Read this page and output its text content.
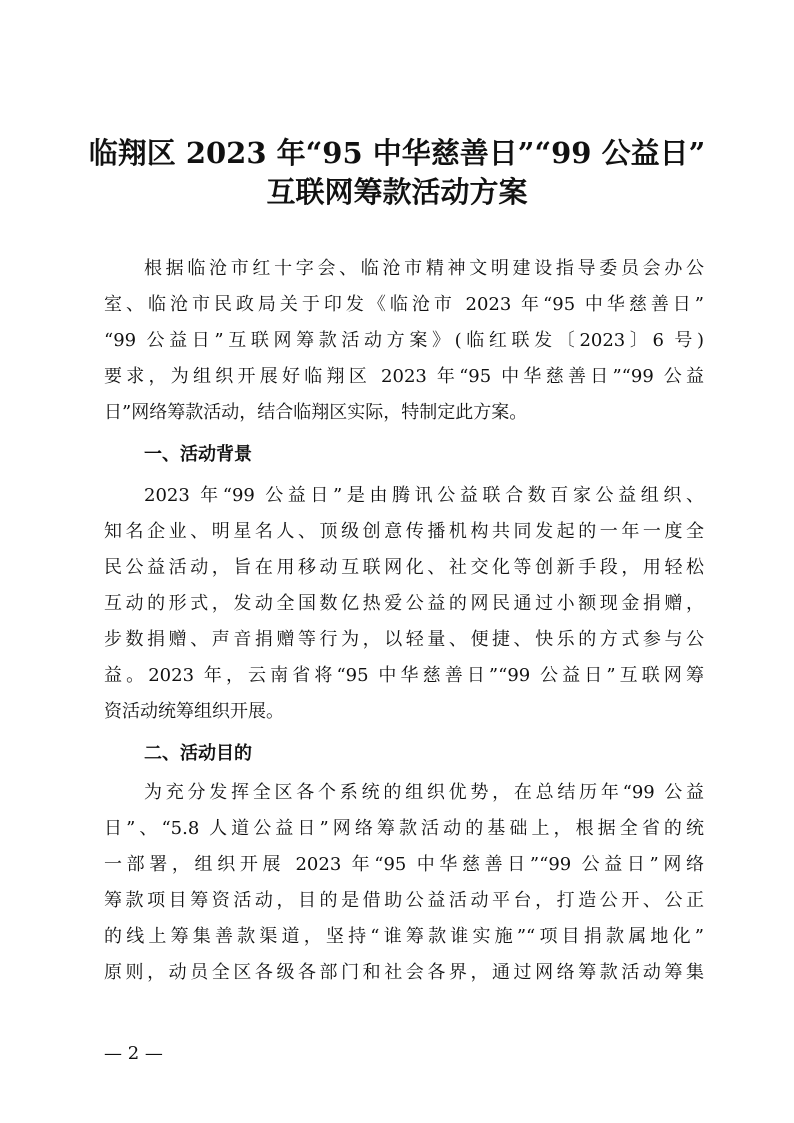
临翔区 2023 年“95 中华慈善日”“99 公益日”
互联网筹款活动方案
根据临沧市红十字会、临沧市精神文明建设指导委员会办公
室、临沧市民政局关于印发《临沧市 2023 年“95 中华慈善日”
“99 公益日”互联网筹款活动方案》(临红联发〔2023〕6 号)
要求，为组织开展好临翔区 2023 年“95 中华慈善日”“99 公益
日”网络筹款活动，结合临翔区实际，特制定此方案。
一、活动背景
2023 年“99 公益日”是由腾讯公益联合数百家公益组织、
知名企业、明星名人、顶级创意传播机构共同发起的一年一度全
民公益活动，旨在用移动互联网化、社交化等创新手段，用轻松
互动的形式，发动全国数亿热爱公益的网民通过小额现金捐赠，
步数捐赠、声音捐赠等行为，以轻量、便捷、快乐的方式参与公
益。2023 年，云南省将“95 中华慈善日”“99 公益日”互联网筹
资活动统筹组织开展。
二、活动目的
为充分发挥全区各个系统的组织优势，在总结历年“99 公益
日”、“5.8 人道公益日”网络筹款活动的基础上，根据全省的统
一部署，组织开展 2023 年“95 中华慈善日”“99 公益日”网络
筹款项目筹资活动，目的是借助公益活动平台，打造公开、公正
的线上筹集善款渠道，坚持“谁筹款谁实施”“项目捐款属地化”
原则，动员全区各级各部门和社会各界，通过网络筹款活动筹集
— 2 —
